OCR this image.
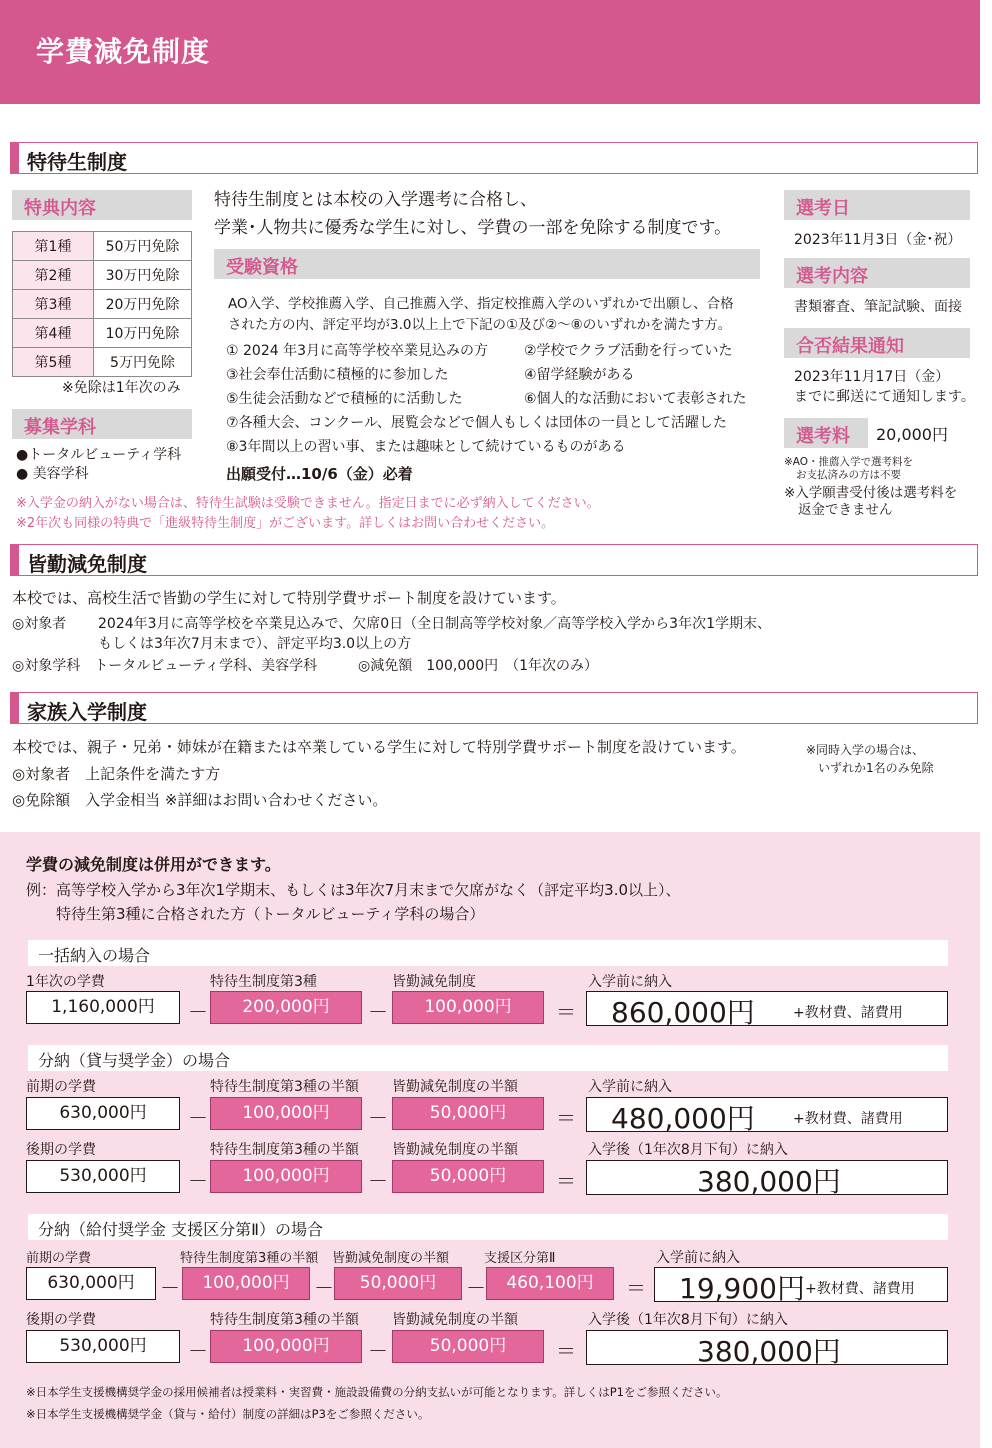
学費減免制度
特待生制度
特典内容
第1種	50万円免除
第2種	30万円免除
第3種	20万円免除
第4種	10万円免除
第5種	5万円免除
※免除は1年次のみ
募集学科
●トータルビューティ学科
● 美容学科
特待生制度とは本校の入学選考に合格し、
学業･人物共に優秀な学生に対し、学費の一部を免除する制度です。
受験資格
AO入学、学校推薦入学、自己推薦入学、指定校推薦入学のいずれかで出願し、合格
された方の内、評定平均が3.0以上上で下記の①及び②～⑧のいずれかを満たす方。
① 2024 年3月に高等学校卒業見込みの方	②学校でクラブ活動を行っていた
③社会奉仕活動に積極的に参加した	④留学経験がある
⑤生徒会活動などで積極的に活動した	⑥個人的な活動において表彰された
⑦各種大会、コンクール、展覧会などで個人もしくは団体の一員として活躍した
⑧3年間以上の習い事、または趣味として続けているものがある
出願受付…10/6（金）必着
※入学金の納入がない場合は、特待生試験は受験できません。指定日までに必ず納入してください。
※2年次も同様の特典で「進級特待生制度」がございます。詳しくはお問い合わせください。
選考日
2023年11月3日（金･祝）
選考内容
書類審査、筆記試験、面接
合否結果通知
2023年11月17日（金）
までに郵送にて通知します。
選考料 20,000円
※AO・推薦入学で選考料を
お支払済みの方は不要
※入学願書受付後は選考料を
返金できません
皆勤減免制度
本校では、高校生活で皆勤の学生に対して特別学費サポート制度を設けています。
◎対象者 2024年3月に高等学校を卒業見込みで、欠席0日（全日制高等学校対象／高等学校入学から3年次1学期末、
もしくは3年次7月末まで）、評定平均3.0以上の方
◎対象学科　トータルビューティ学科、美容学科	◎減免額　100,000円　（1年次のみ）
家族入学制度
本校では、親子・兄弟・姉妹が在籍または卒業している学生に対して特別学費サポート制度を設けています。
◎対象者　上記条件を満たす方
◎免除額　入学金相当 ※詳細はお問い合わせください。
※同時入学の場合は、
いずれか1名のみ免除
学費の減免制度は併用ができます。
例：高等学校入学から3年次1学期末、もしくは3年次7月末まで欠席がなく（評定平均3.0以上）、
特待生第3種に合格された方（トータルビューティ学科の場合）
一括納入の場合
1年次の学費	特待生制度第3種	皆勤減免制度	入学前に納入
1,160,000円	－	200,000円	－	100,000円	＝ 860,000円	+教材費、諸費用
分納（貸与奨学金）の場合
前期の学費	特待生制度第3種の半額 皆勤減免制度の半額	入学前に納入
630,000円	－	100,000円	－	50,000円	＝ 480,000円	+教材費、諸費用
後期の学費	特待生制度第3種の半額 皆勤減免制度の半額	入学後（1年次8月下旬）に納入
530,000円	－	100,000円	－	50,000円	＝	380,000円
分納（給付奨学金 支援区分第Ⅱ）の場合
前期の学費	特待生制度第3種の半額 皆勤減免制度の半額	支援区分第Ⅱ	入学前に納入
630,000円	－	100,000円	－	50,000円	－	460,100円	＝ 19,900円 +教材費、諸費用
後期の学費	特待生制度第3種の半額 皆勤減免制度の半額	入学後（1年次8月下旬）に納入
530,000円	－	100,000円	－	50,000円	＝	380,000円
※日本学生支援機構奨学金の採用候補者は授業料・実習費・施設設備費の分納支払いが可能となります。詳しくはP1をご参照ください。
※日本学生支援機構奨学金（貸与・給付）制度の詳細はP3をご参照ください。
